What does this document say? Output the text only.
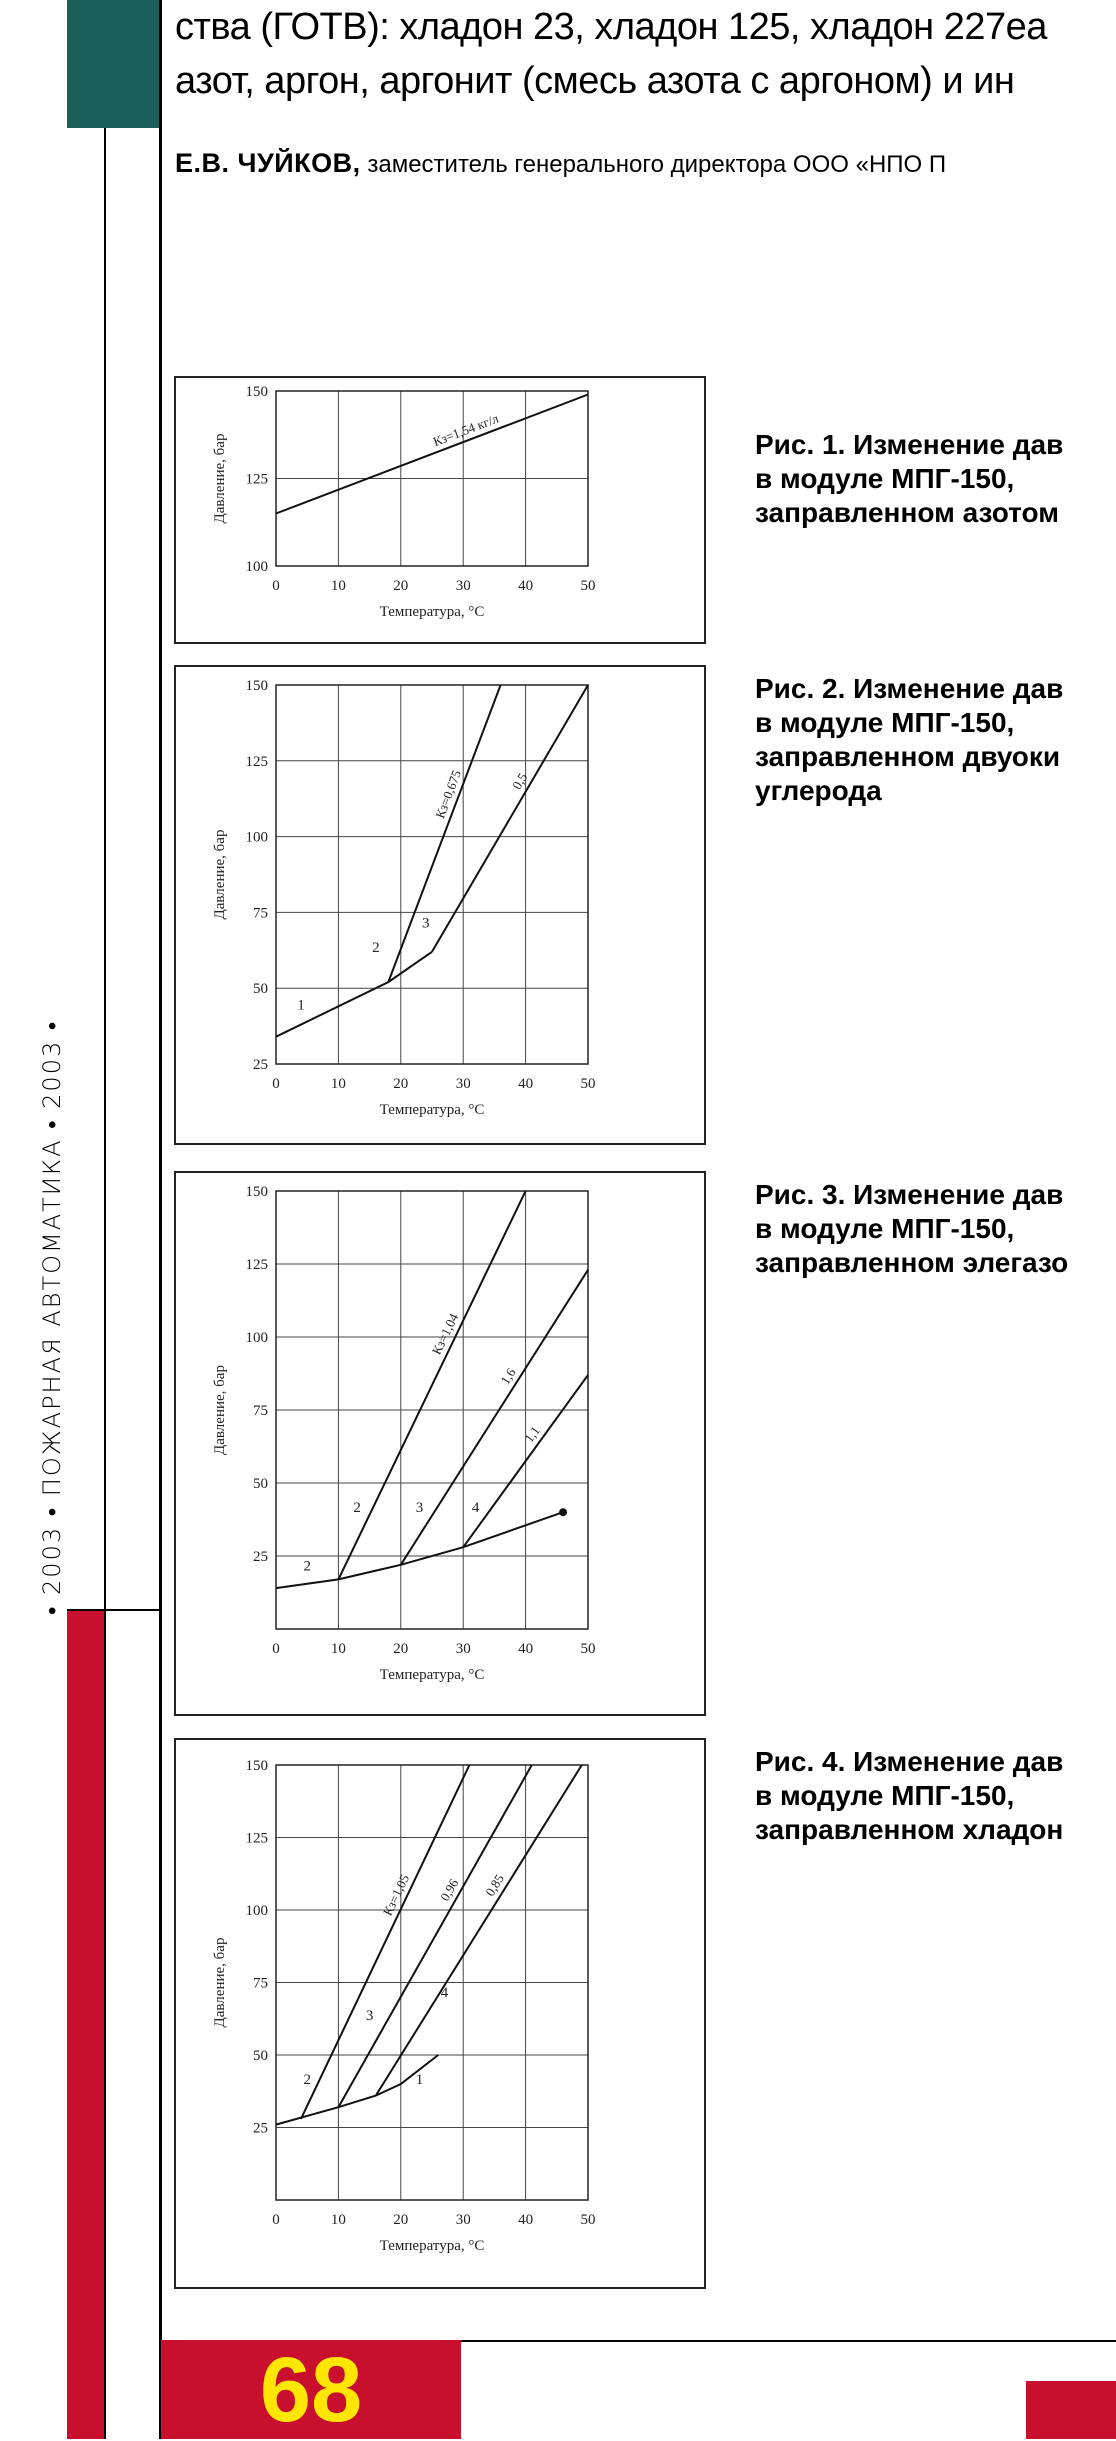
• 2003 • ПОЖАРНАЯ АВТОМАТИКА • 2003 •
ства (ГОТВ): хладон 23, хладон 125, хладон 227еа
азот, аргон, аргонит (смесь азота с аргоном) и ин
Е.В. ЧУЙКОВ, заместитель генерального директора ООО «НПО П
0	10	20	30	40	50
100
125
150
Температура, °С
Давление, бар
Кз=1,54 кг/л
0	10	20	30	40	50
25
50
75
100
125
150
Температура, °С
Давление, бар
Кз=0,675	0,5
1
2
3
0	10	20	30	40	50
25
50
75
100
125
150
Температура, °С
Давление, бар
Кз=1,04
1,6
1,1
2
2	3	4
0	10	20	30	40	50
25
50
75
100
125
150
Температура, °С
Давление, бар
Кз=1,05 0,96 0,85
2
3
4
1
Рис. 1. Изменение дав
в модуле МПГ-150,
заправленном азотом
Рис. 2. Изменение дав
в модуле МПГ-150,
заправленном двуоки
углерода
Рис. 3. Изменение дав
в модуле МПГ-150,
заправленном элегазо
Рис. 4. Изменение дав
в модуле МПГ-150,
заправленном хладон
68
